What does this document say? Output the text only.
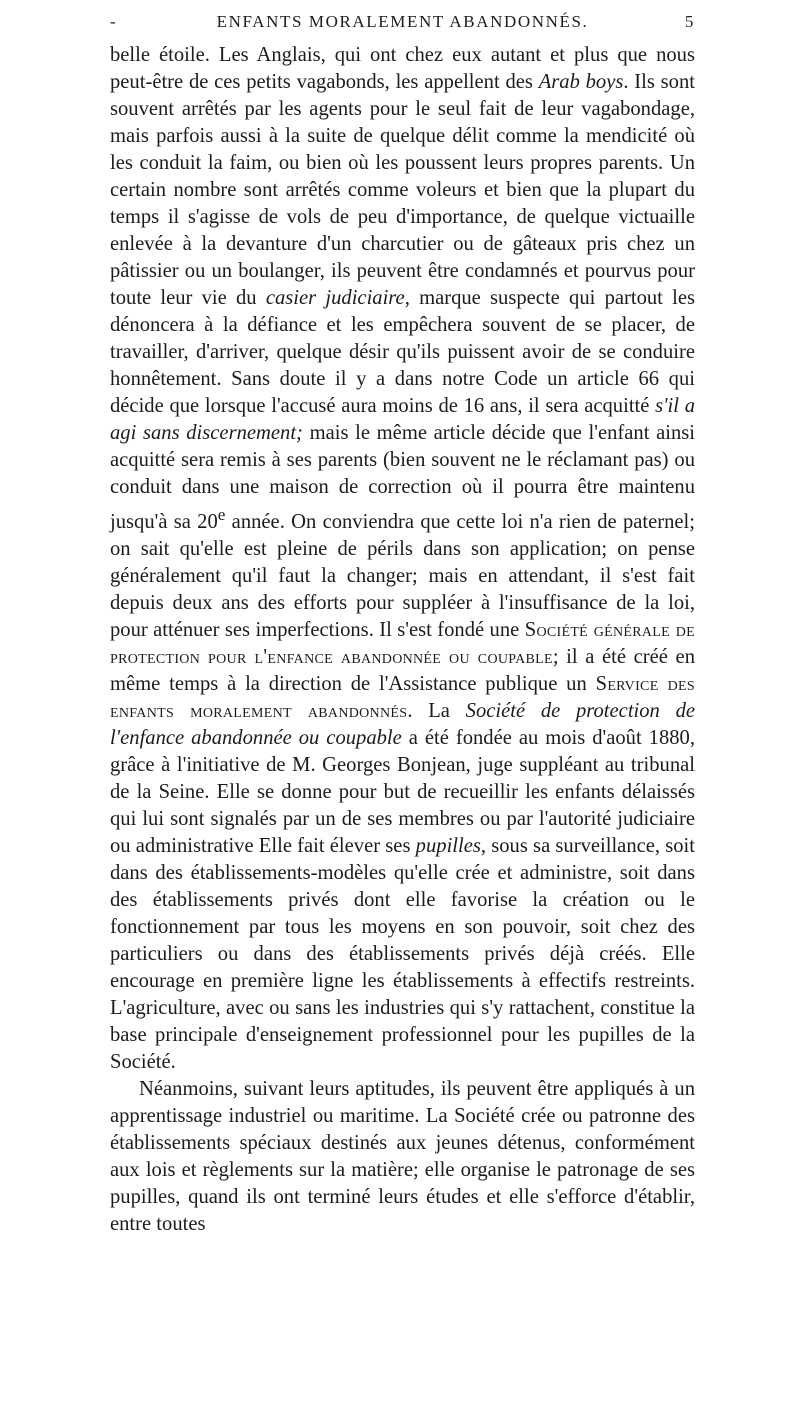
-	ENFANTS MORALEMENT ABANDONNÉS.	5

belle étoile. Les Anglais, qui ont chez eux autant et plus que nous peut-être de ces petits vagabonds, les appellent des Arab boys. Ils sont souvent arrêtés par les agents pour le seul fait de leur vagabondage, mais parfois aussi à la suite de quelque délit comme la mendicité où les conduit la faim, ou bien où les poussent leurs propres parents. Un certain nombre sont arrêtés comme voleurs et bien que la plupart du temps il s'agisse de vols de peu d'importance, de quelque victuaille enlevée à la devanture d'un charcutier ou de gâteaux pris chez un pâtissier ou un boulanger, ils peuvent être condamnés et pourvus pour toute leur vie du casier judiciaire, marque suspecte qui partout les dénoncera à la défiance et les empêchera souvent de se placer, de travailler, d'arriver, quelque désir qu'ils puissent avoir de se conduire honnêtement. Sans doute il y a dans notre Code un article 66 qui décide que lorsque l'accusé aura moins de 16 ans, il sera acquitté s'il a agi sans discernement; mais le même article décide que l'enfant ainsi acquitté sera remis à ses parents (bien souvent ne le réclamant pas) ou conduit dans une maison de correction où il pourra être maintenu jusqu'à sa 20e année. On conviendra que cette loi n'a rien de paternel; on sait qu'elle est pleine de périls dans son application; on pense généralement qu'il faut la changer; mais en attendant, il s'est fait depuis deux ans des efforts pour suppléer à l'insuffisance de la loi, pour atténuer ses imperfections. Il s'est fondé une Société générale de protection pour l'enfance abandonnée ou coupable; il a été créé en même temps à la direction de l'Assistance publique un Service des enfants moralement abandonnés. La Société de protection de l'enfance abandonnée ou coupable a été fondée au mois d'août 1880, grâce à l'initiative de M. Georges Bonjean, juge suppléant au tribunal de la Seine. Elle se donne pour but de recueillir les enfants délaissés qui lui sont signalés par un de ses membres ou par l'autorité judiciaire ou administrative Elle fait élever ses pupilles, sous sa surveillance, soit dans des établissements-modèles qu'elle crée et administre, soit dans des établissements privés dont elle favorise la création ou le fonctionnement par tous les moyens en son pouvoir, soit chez des particuliers ou dans des établissements privés déjà créés. Elle encourage en première ligne les établissements à effectifs restreints. L'agriculture, avec ou sans les industries qui s'y rattachent, constitue la base principale d'enseignement professionnel pour les pupilles de la Société.

Néanmoins, suivant leurs aptitudes, ils peuvent être appliqués à un apprentissage industriel ou maritime. La Société crée ou patronne des établissements spéciaux destinés aux jeunes détenus, conformément aux lois et règlements sur la matière; elle organise le patronage de ses pupilles, quand ils ont terminé leurs études et elle s'efforce d'établir, entre toutes
